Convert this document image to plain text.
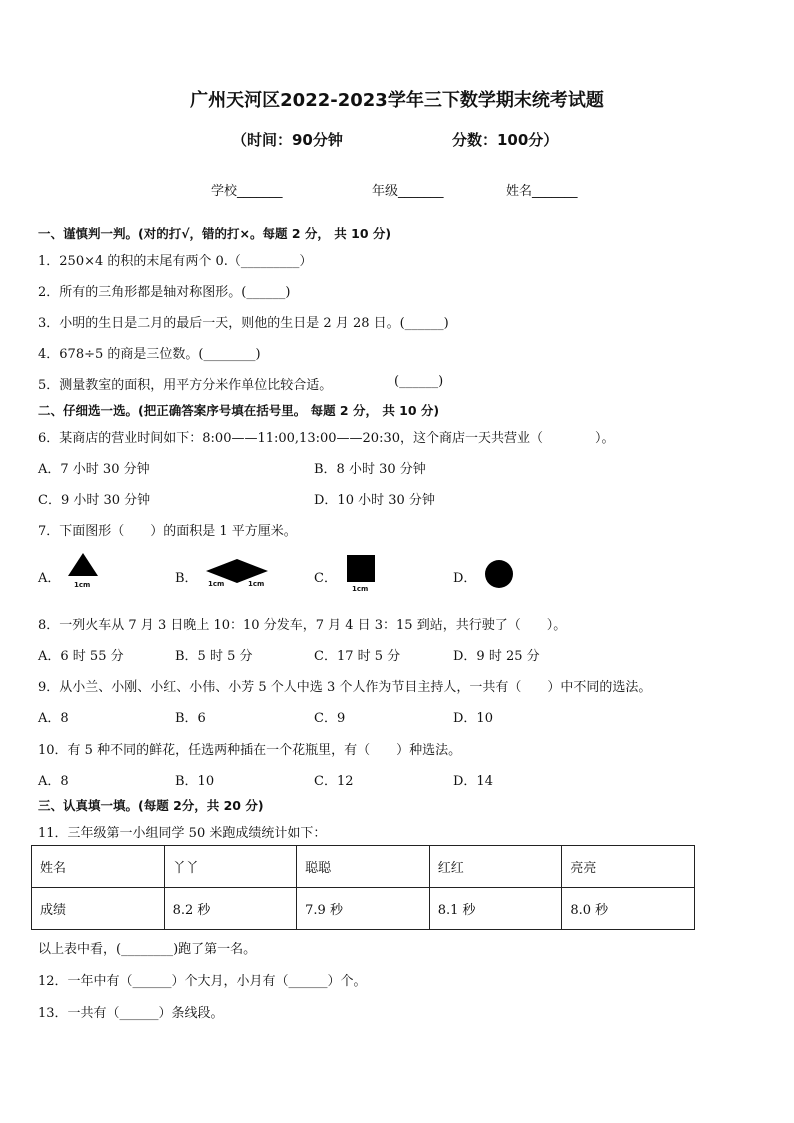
广州天河区2022-2023学年三下数学期末统考试题
（时间：90分钟	分数：100分）
学校_______	年级_______	姓名_______
一、谨慎判一判。(对的打√，错的打×。每题 2 分， 共 10 分)
1．250×4 的积的末尾有两个 0.（_________）
2．所有的三角形都是轴对称图形。(______)
3．小明的生日是二月的最后一天，则他的生日是 2 月 28 日。(______)
4．678÷5 的商是三位数。(________)
5．测量教室的面积，用平方分米作单位比较合适。	(______)
二、仔细选一选。(把正确答案序号填在括号里。 每题 2 分， 共 10 分)
6．某商店的营业时间如下：8:00——11:00,13:00——20:30，这个商店一天共营业（　　　　）。
A．7 小时 30 分钟	B．8 小时 30 分钟
C．9 小时 30 分钟	D．10 小时 30 分钟
7．下面图形（　　）的面积是 1 平方厘米。
A． 1cm	B． 1cm	1cm	C．
1cm
D．
8．一列火车从 7 月 3 日晚上 10：10 分发车，7 月 4 日 3：15 到站，共行驶了（　　）。
A．6 时 55 分	B．5 时 5 分	C．17 时 5 分	D．9 时 25 分
9．从小兰、小刚、小红、小伟、小芳 5 个人中选 3 个人作为节目主持人，一共有（　　）中不同的选法。
A．8	B．6	C．9	D．10
10．有 5 种不同的鲜花，任选两种插在一个花瓶里，有（　　）种选法。
A．8	B．10	C．12	D．14
三、认真填一填。(每题 2分，共 20 分)
11．三年级第一小组同学 50 米跑成绩统计如下：
姓名	丫丫	聪聪	红红	亮亮
成绩	8.2 秒	7.9 秒	8.1 秒	8.0 秒
以上表中看，(________)跑了第一名。
12．一年中有（______）个大月，小月有（______）个。
13．一共有（______）条线段。
